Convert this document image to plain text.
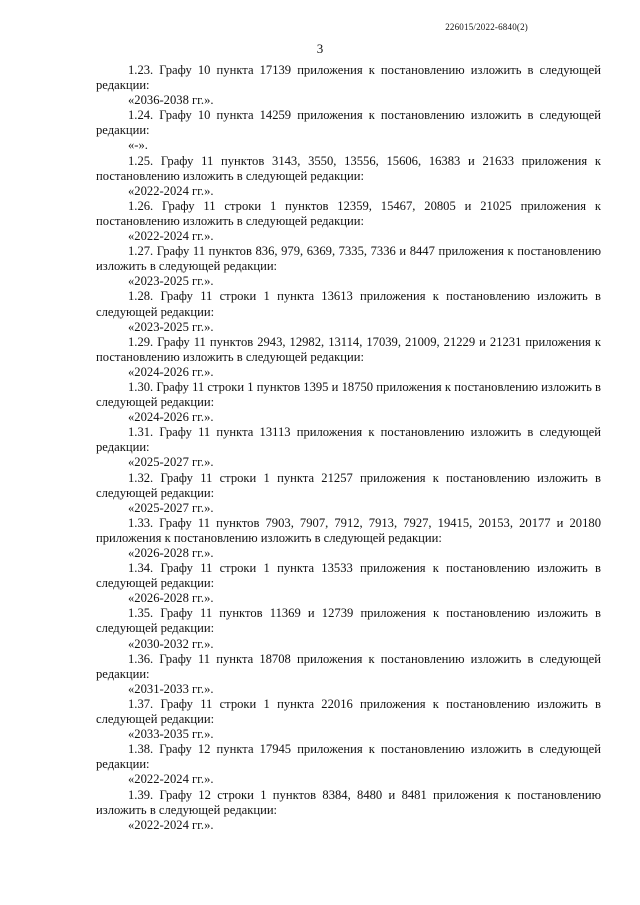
226015/2022-6840(2)
3

1.23. Графу 10 пункта 17139 приложения к постановлению изложить в следующей редакции:

«2036-2038 гг.».

1.24. Графу 10 пункта 14259 приложения к постановлению изложить в следующей редакции:

«-».

1.25. Графу 11 пунктов 3143, 3550, 13556, 15606, 16383 и 21633 приложения к постановлению изложить в следующей редакции:

«2022-2024 гг.».

1.26. Графу 11 строки 1 пунктов 12359, 15467, 20805 и 21025 приложения к постановлению изложить в следующей редакции:

«2022-2024 гг.».

1.27. Графу 11 пунктов 836, 979, 6369, 7335, 7336 и 8447 приложения к постановлению изложить в следующей редакции:

«2023-2025 гг.».

1.28. Графу 11 строки 1 пункта 13613 приложения к постановлению изложить в следующей редакции:

«2023-2025 гг.».

1.29. Графу 11 пунктов 2943, 12982, 13114, 17039, 21009, 21229 и 21231 приложения к постановлению изложить в следующей редакции:

«2024-2026 гг.».

1.30. Графу 11 строки 1 пунктов 1395 и 18750 приложения к постановлению изложить в следующей редакции:

«2024-2026 гг.».

1.31. Графу 11 пункта 13113 приложения к постановлению изложить в следующей редакции:

«2025-2027 гг.».

1.32. Графу 11 строки 1 пункта 21257 приложения к постановлению изложить в следующей редакции:

«2025-2027 гг.».

1.33. Графу 11 пунктов 7903, 7907, 7912, 7913, 7927, 19415, 20153, 20177 и 20180 приложения к постановлению изложить в следующей редакции:

«2026-2028 гг.».

1.34. Графу 11 строки 1 пункта 13533 приложения к постановлению изложить в следующей редакции:

«2026-2028 гг.».

1.35. Графу 11 пунктов 11369 и 12739 приложения к постановлению изложить в следующей редакции:

«2030-2032 гг.».

1.36. Графу 11 пункта 18708 приложения к постановлению изложить в следующей редакции:

«2031-2033 гг.».

1.37. Графу 11 строки 1 пункта 22016 приложения к постановлению изложить в следующей редакции:

«2033-2035 гг.».

1.38. Графу 12 пункта 17945 приложения к постановлению изложить в следующей редакции:

«2022-2024 гг.».

1.39. Графу 12 строки 1 пунктов 8384, 8480 и 8481 приложения к постановлению изложить в следующей редакции:

«2022-2024 гг.».
